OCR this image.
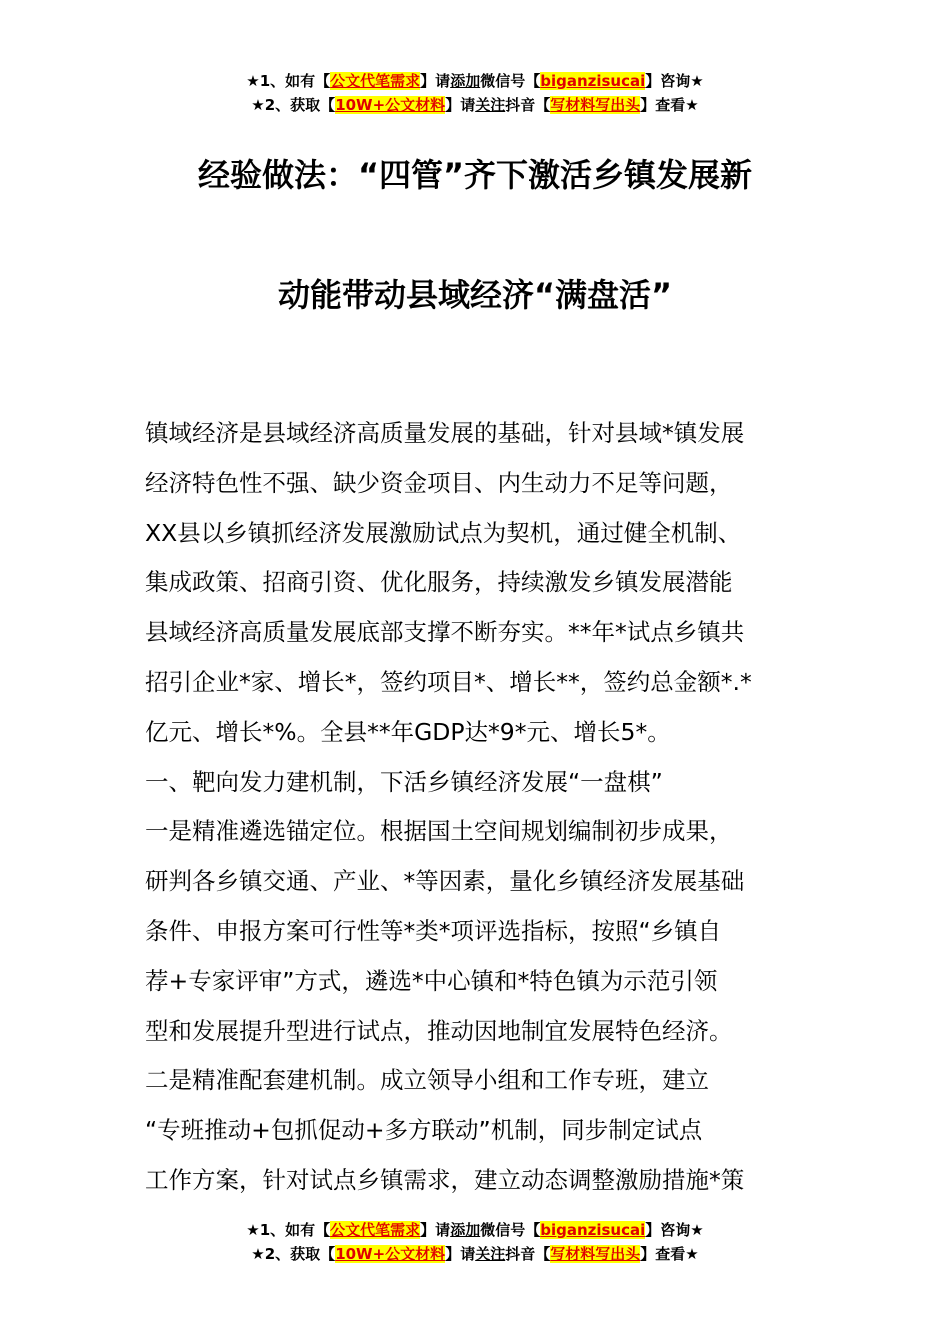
★1、如有【公文代笔需求】请添加微信号【biganzisucai】咨询★
★2、获取【10W+公文材料】请关注抖音【写材料写出头】查看★
经验做法：“四管”齐下激活乡镇发展新
动能带动县域经济“满盘活”
镇域经济是县域经济高质量发展的基础，针对县域*镇发展
经济特色性不强、缺少资金项目、内生动力不足等问题，
XX县以乡镇抓经济发展激励试点为契机，通过健全机制、
集成政策、招商引资、优化服务，持续激发乡镇发展潜能
县域经济高质量发展底部支撑不断夯实。**年*试点乡镇共
招引企业*家、增长*，签约项目*、增长**，签约总金额*.*
亿元、增长*%。全县**年GDP达*9*元、增长5*。
一、靶向发力建机制，下活乡镇经济发展“一盘棋”
一是精准遴选锚定位。根据国土空间规划编制初步成果，
研判各乡镇交通、产业、*等因素，量化乡镇经济发展基础
条件、申报方案可行性等*类*项评选指标，按照“乡镇自
荐+专家评审”方式，遴选*中心镇和*特色镇为示范引领
型和发展提升型进行试点，推动因地制宜发展特色经济。
二是精准配套建机制。成立领导小组和工作专班，建立
“专班推动+包抓促动+多方联动”机制，同步制定试点
工作方案，针对试点乡镇需求，建立动态调整激励措施*策
★1、如有【公文代笔需求】请添加微信号【biganzisucai】咨询★
★2、获取【10W+公文材料】请关注抖音【写材料写出头】查看★
